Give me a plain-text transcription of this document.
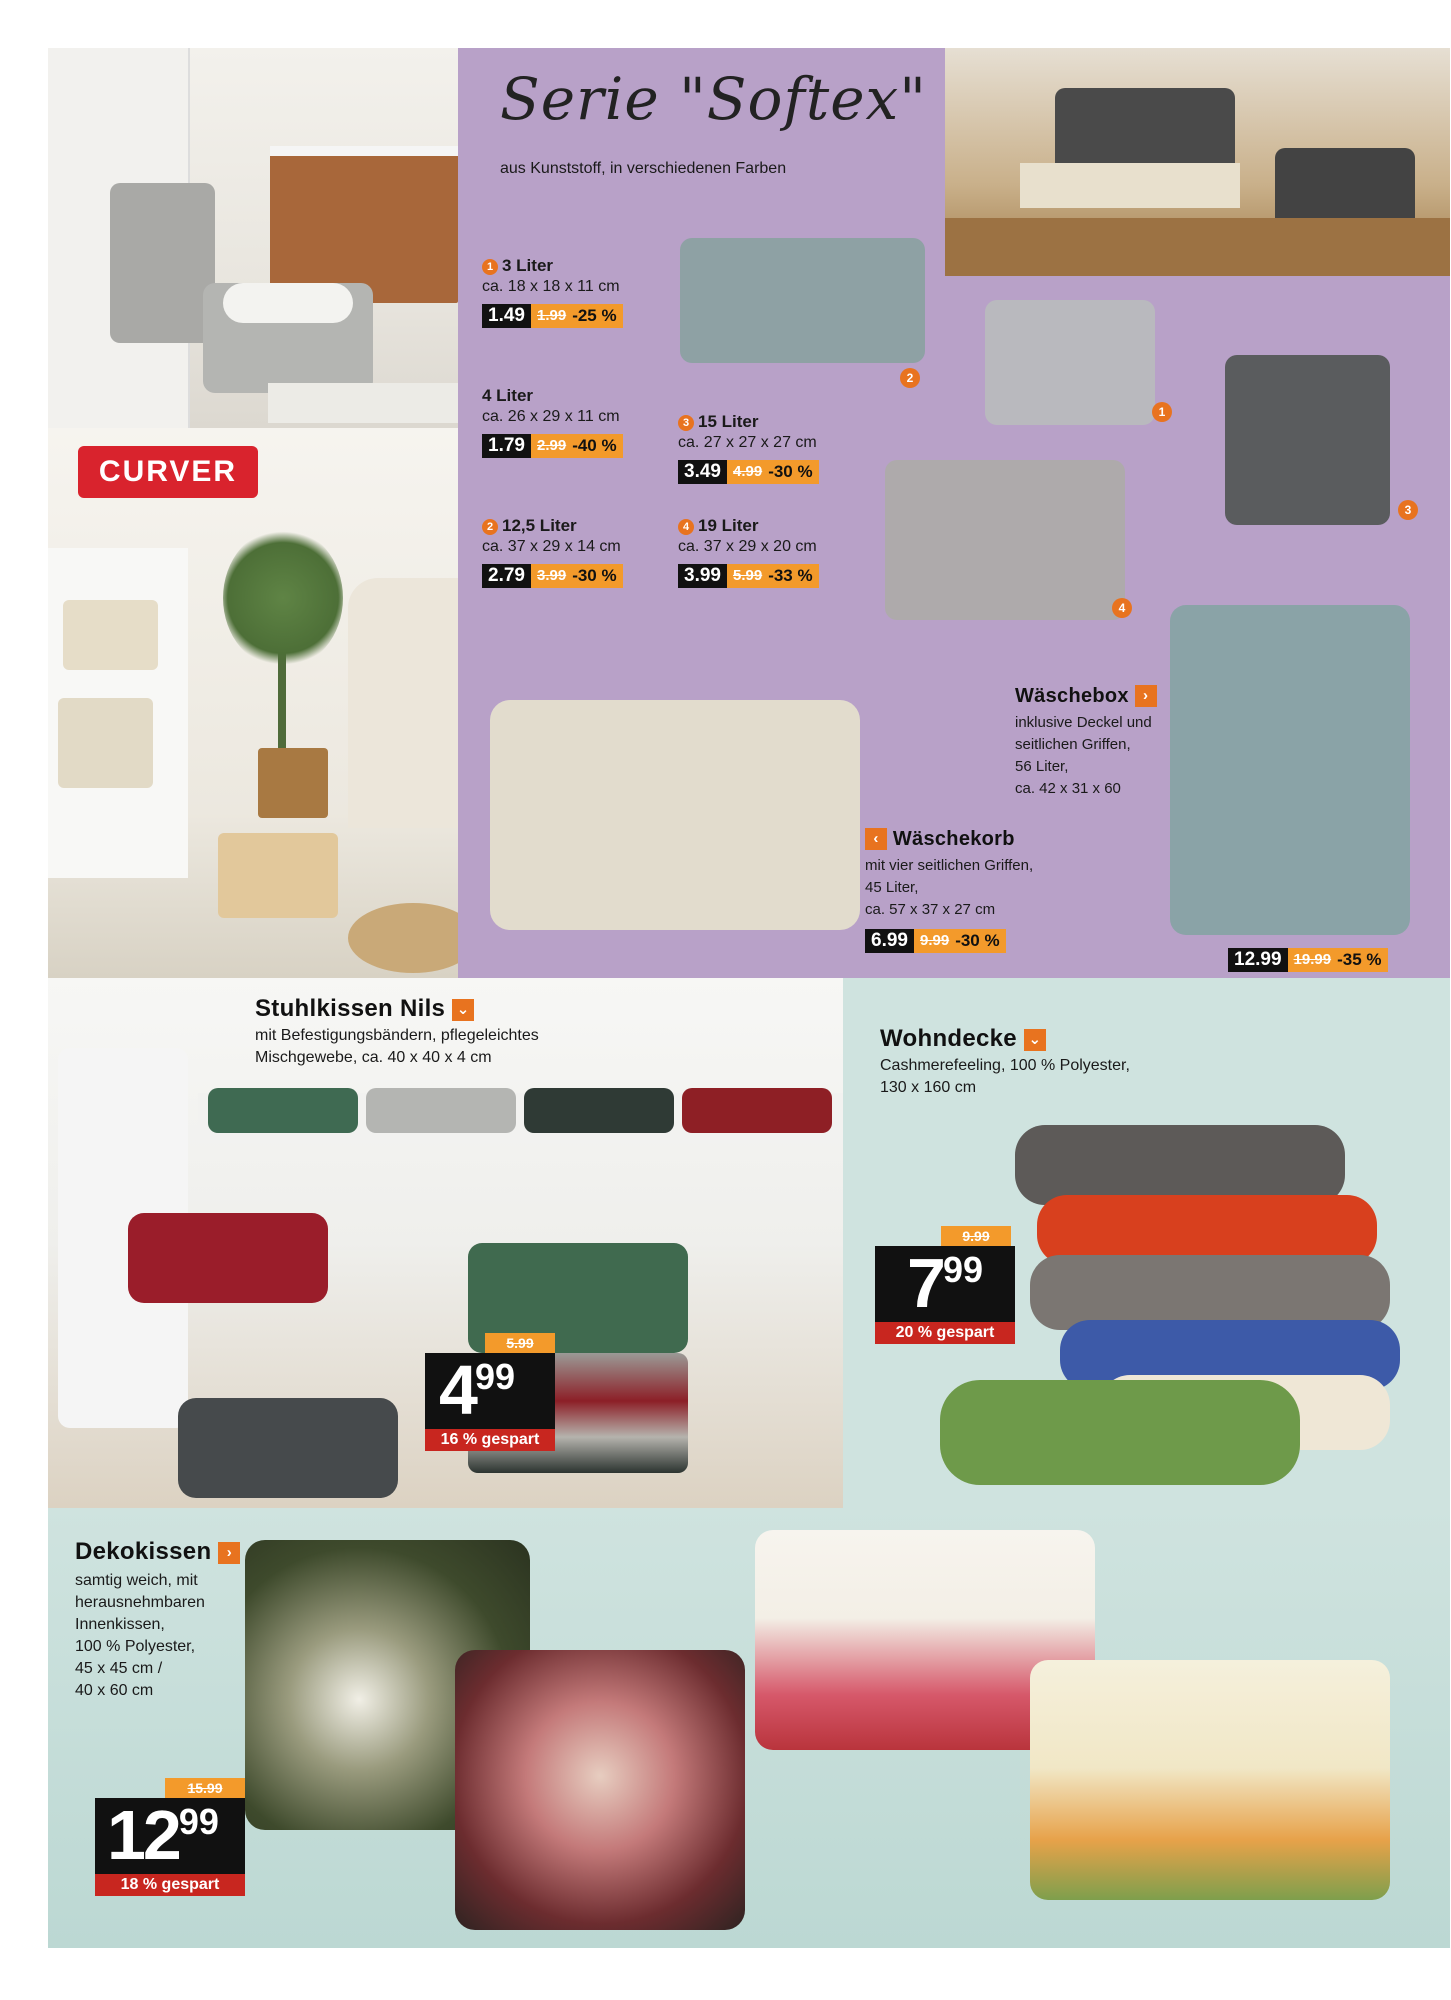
CURVER
Serie "Softex"
aus Kunststoff, in verschiedenen Farben
1 3 Liter
ca. 18 x 18 x 11 cm
1.49 1.99 -25 %
4 Liter
ca. 26 x 29 x 11 cm
1.79 2.99 -40 %
2 12,5 Liter
ca. 37 x 29 x 14 cm
2.79 3.99 -30 %
3 15 Liter
ca. 27 x 27 x 27 cm
3.49 4.99 -30 %
4 19 Liter
ca. 37 x 29 x 20 cm
3.99 5.99 -33 %
2
1
3
4
Wäschebox ›
inklusive Deckel und
seitlichen Griffen,
56 Liter,
ca. 42 x 31 x 60
12.99 19.99 -35 %
‹ Wäschekorb
mit vier seitlichen Griffen,
45 Liter,
ca. 57 x 37 x 27 cm
6.99 9.99 -30 %
Stuhlkissen Nils ⌄
mit Befestigungsbändern, pflegeleichtes
Mischgewebe, ca. 40 x 40 x 4 cm
5.99
499
16 % gespart
Wohndecke ⌄
Cashmerefeeling, 100 % Polyester,
130 x 160 cm
9.99
799
20 % gespart
Dekokissen ›
samtig weich, mit
herausnehmbaren
Innenkissen,
100 % Polyester,
45 x 45 cm /
40 x 60 cm
15.99
1299
18 % gespart
